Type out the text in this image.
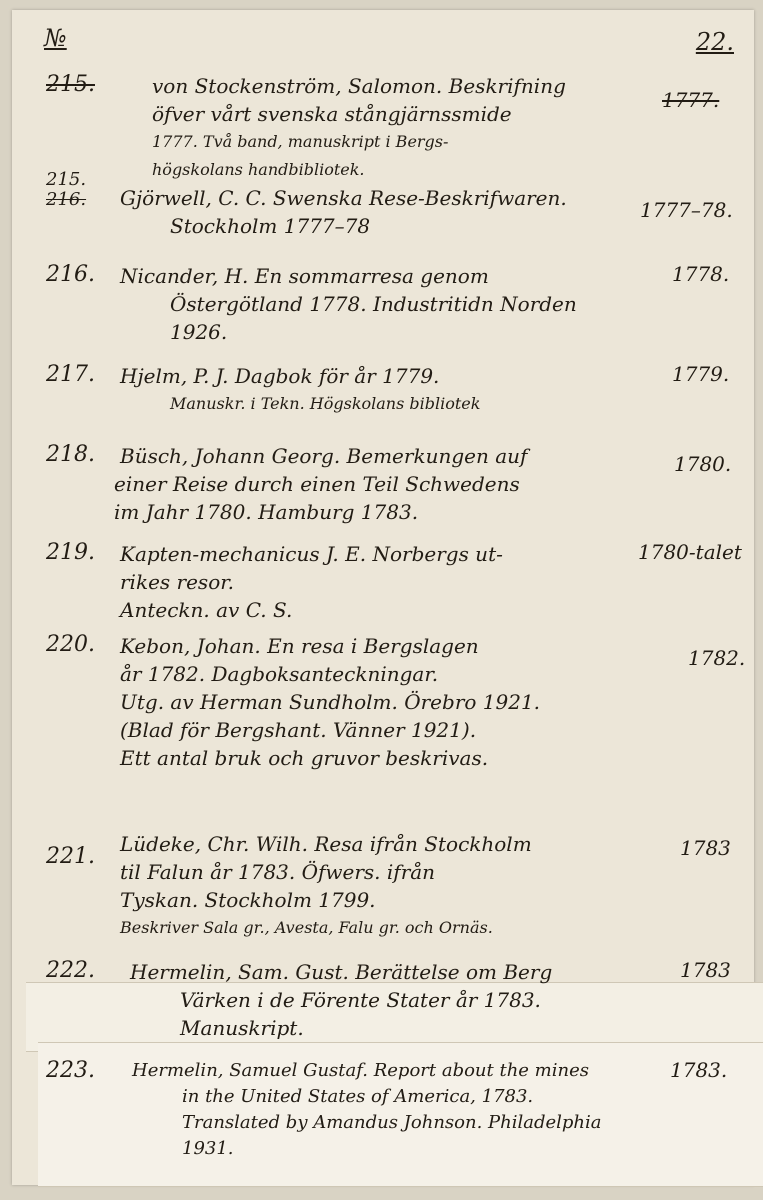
№	22.
215.	von Stockenström, Salomon. Beskrifning
öfver vårt svenska stångjärnssmide
1777. Två band, manuskript i Bergs-
högskolans handbibliotek.
1777.
215.
216. Gjörwell, C. C. Swenska Rese-Beskrifwaren.
Stockholm 1777–78
1777–78.
216. Nicander, H. En sommarresa genom
Östergötland 1778. Industritidn Norden
1926.
1778.
217. Hjelm, P. J. Dagbok för år 1779.
Manuskr. i Tekn. Högskolans bibliotek
1779.
218. Büsch, Johann Georg. Bemerkungen auf
einer Reise durch einen Teil Schwedens
im Jahr 1780. Hamburg 1783.
1780.
219. Kapten-mechanicus J. E. Norbergs ut-
rikes resor.
Anteckn. av C. S.
1780-talet
220. Kebon, Johan. En resa i Bergslagen
år 1782. Dagboksanteckningar.
Utg. av Herman Sundholm. Örebro 1921.
(Blad för Bergshant. Vänner 1921).
Ett antal bruk och gruvor beskrivas.
1782.
221. Lüdeke, Chr. Wilh. Resa ifrån Stockholm
til Falun år 1783. Öfwers. ifrån
Tyskan. Stockholm 1799.
Beskriver Sala gr., Avesta, Falu gr. och Ornäs.
1783
222. Hermelin, Sam. Gust. Berättelse om Berg
Värken i de Förente Stater år 1783.
Manuskript.
1783
223. Hermelin, Samuel Gustaf. Report about the mines
in the United States of America, 1783.
Translated by Amandus Johnson. Philadelphia
1931.
1783.
